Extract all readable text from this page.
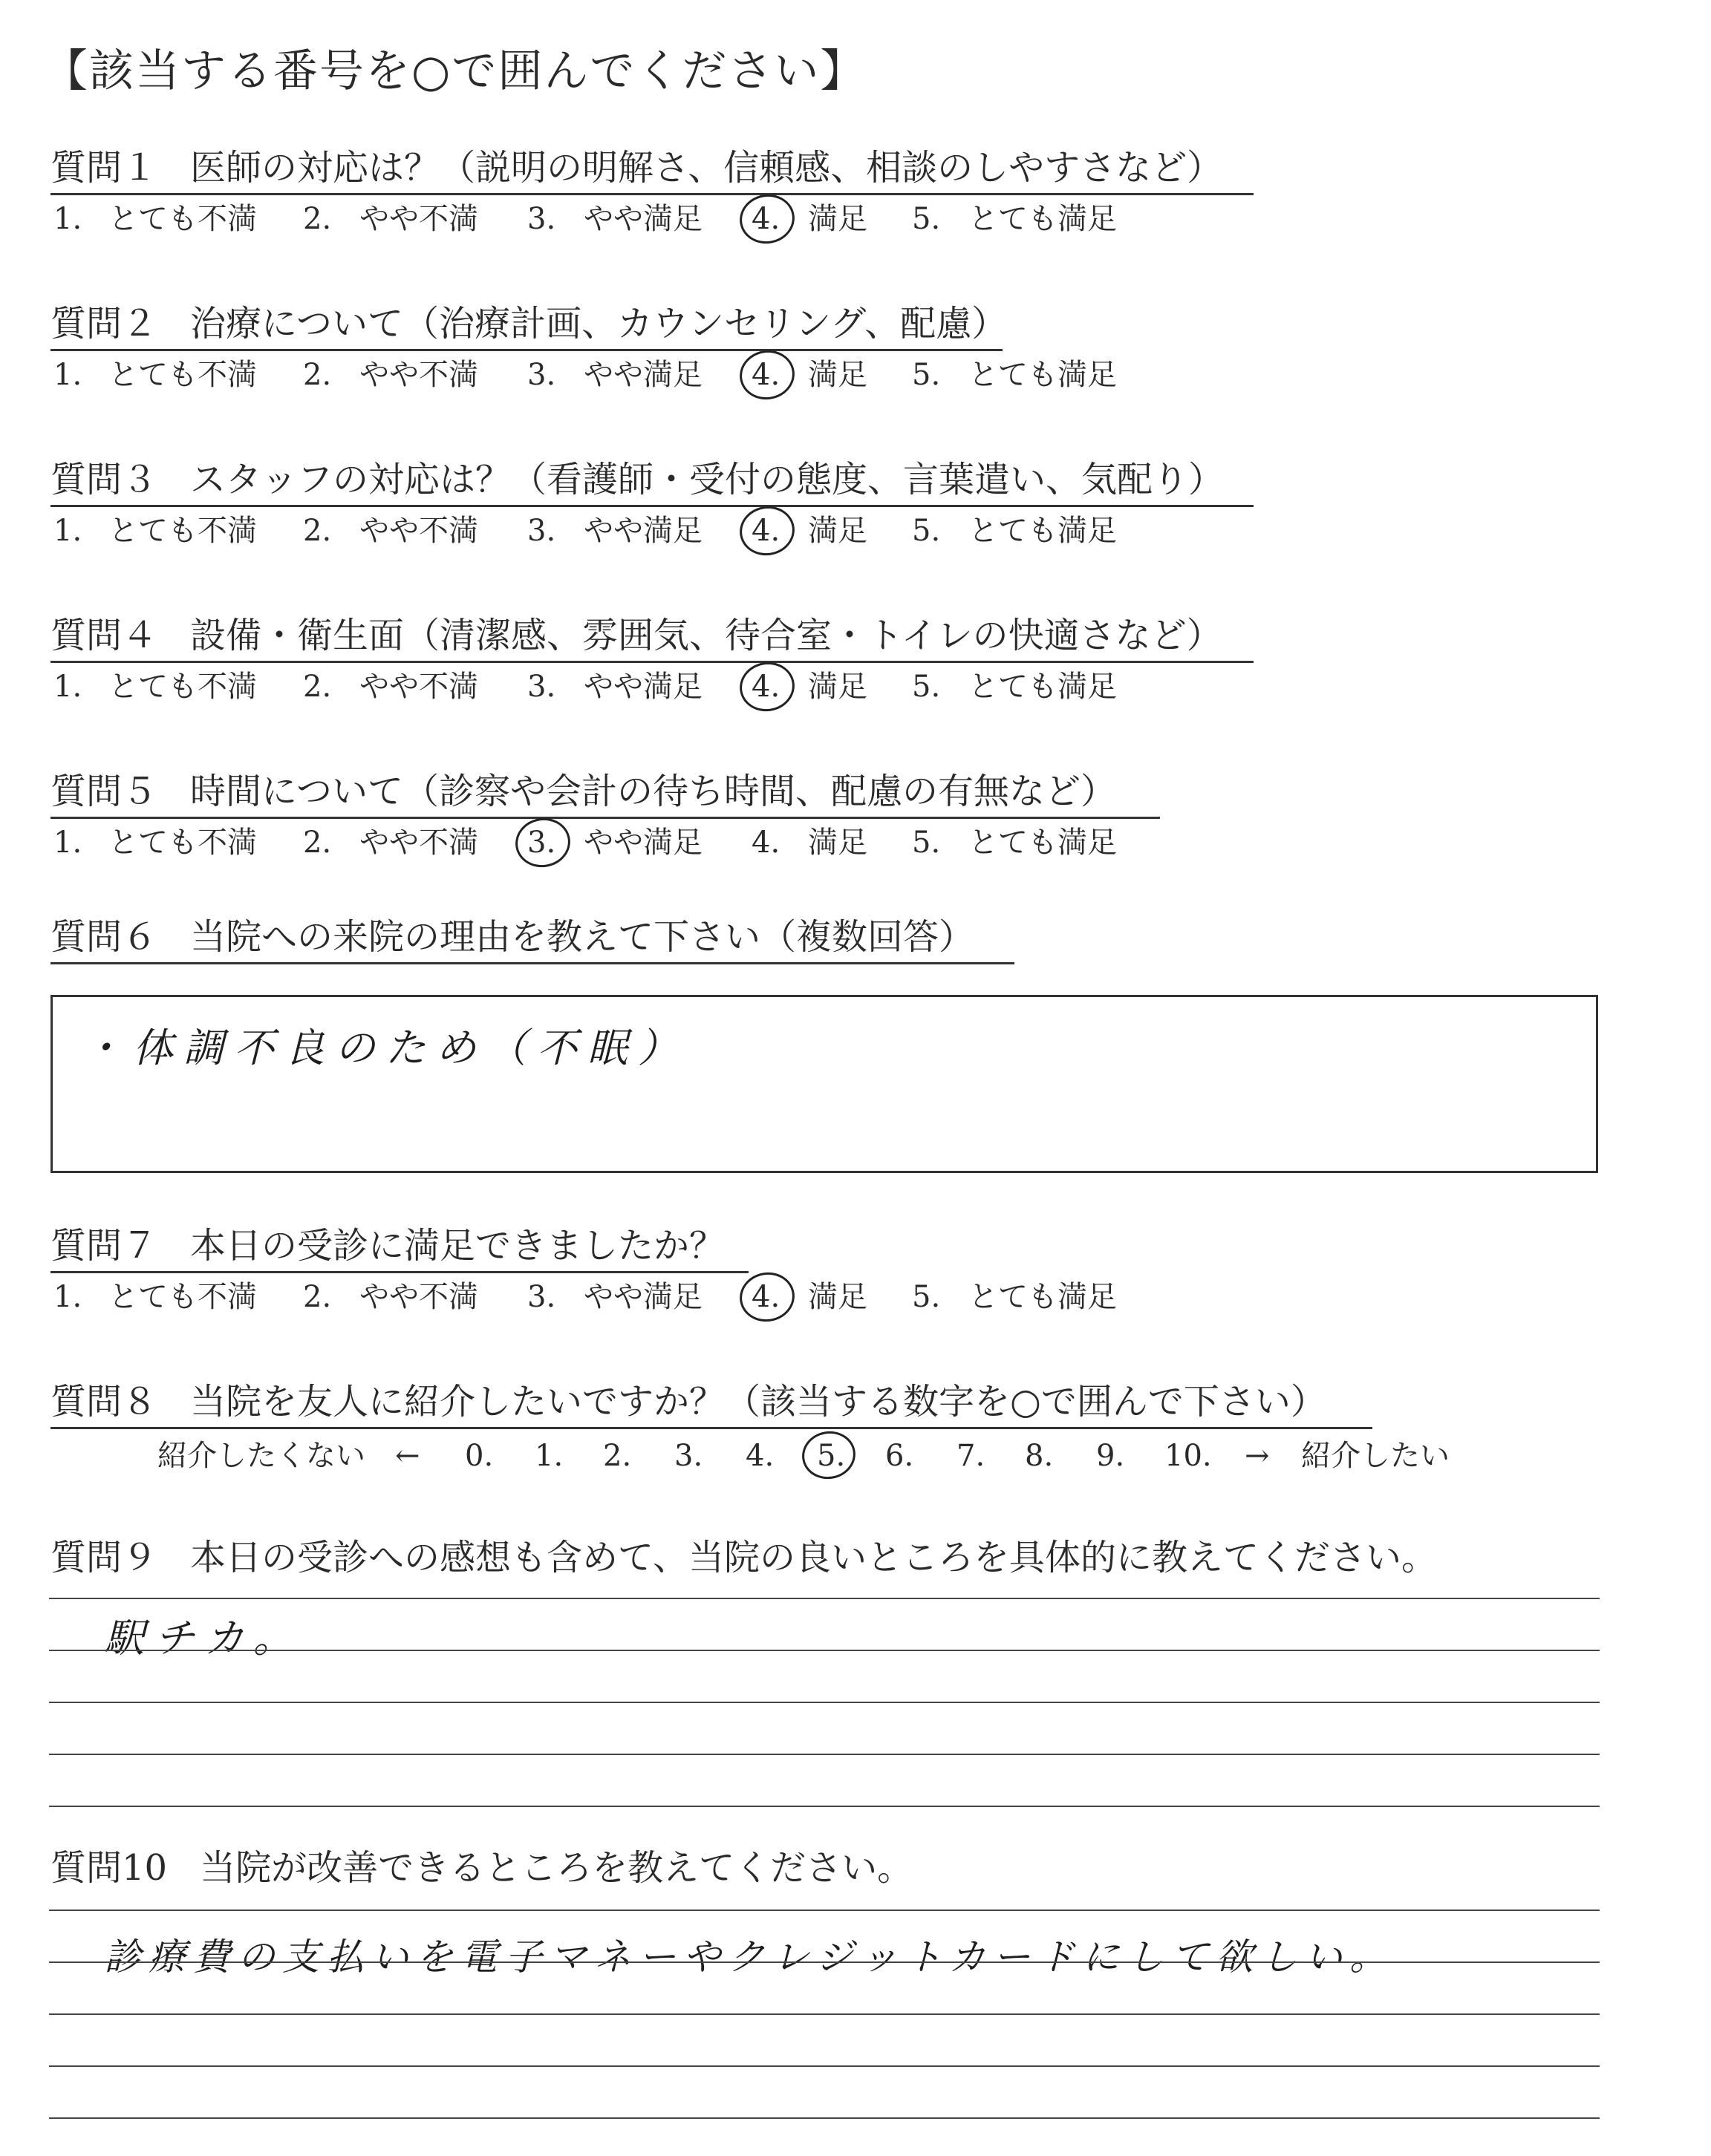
【該当する番号を○で囲んでください】
質問１ 医師の対応は？（説明の明解さ、信頼感、相談のしやすさなど）
1. とても不満 2. やや不満 3. やや満足 4. 満足 5. とても満足
質問２ 治療について（治療計画、カウンセリング、配慮）
1. とても不満 2. やや不満 3. やや満足 4. 満足 5. とても満足
質問３ スタッフの対応は？（看護師・受付の態度、言葉遣い、気配り）
1. とても不満 2. やや不満 3. やや満足 4. 満足 5. とても満足
質問４ 設備・衛生面（清潔感、雰囲気、待合室・トイレの快適さなど）
1. とても不満 2. やや不満 3. やや満足 4. 満足 5. とても満足
質問５ 時間について（診察や会計の待ち時間、配慮の有無など）
1. とても不満 2. やや不満 3. やや満足 4. 満足 5. とても満足
質問６ 当院への来院の理由を教えて下さい（複数回答）
・体調不良のため（不眠）
質問７ 本日の受診に満足できましたか？
1. とても不満 2. やや不満 3. やや満足 4. 満足 5. とても満足
質問８ 当院を友人に紹介したいですか？（該当する数字を○で囲んで下さい）
紹介したくない ←	→ 紹介したい
0. 1. 2. 3. 4. 5. 6. 7. 8. 9. 10.
質問９ 本日の受診への感想も含めて、当院の良いところを具体的に教えてください。
駅チカ。
質問10 当院が改善できるところを教えてください。
診療費の支払いを電子マネーやクレジットカードにして欲しい。
